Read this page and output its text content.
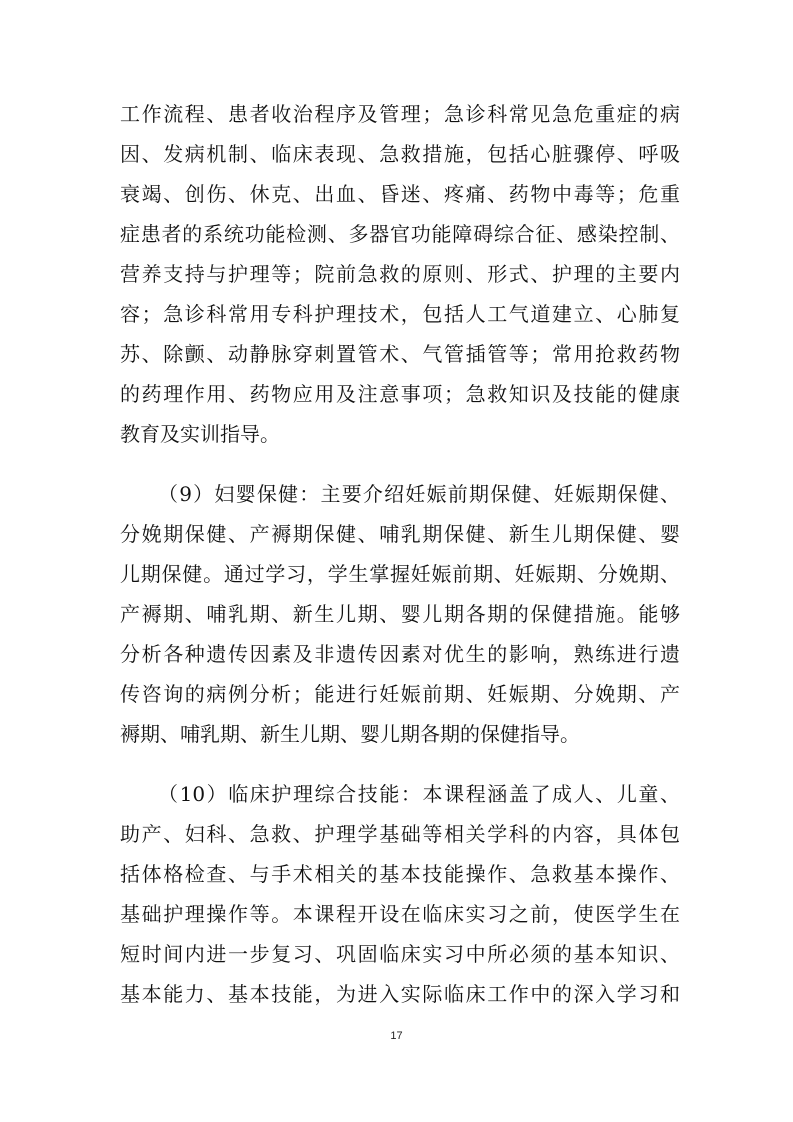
工作流程、患者收治程序及管理；急诊科常见急危重症的病
因、发病机制、临床表现、急救措施，包括心脏骤停、呼吸
衰竭、创伤、休克、出血、昏迷、疼痛、药物中毒等；危重
症患者的系统功能检测、多器官功能障碍综合征、感染控制、
营养支持与护理等；院前急救的原则、形式、护理的主要内
容；急诊科常用专科护理技术，包括人工气道建立、心肺复
苏、除颤、动静脉穿刺置管术、气管插管等；常用抢救药物
的药理作用、药物应用及注意事项；急救知识及技能的健康
教育及实训指导。
（9）妇婴保健：主要介绍妊娠前期保健、妊娠期保健、
分娩期保健、产褥期保健、哺乳期保健、新生儿期保健、婴
儿期保健。通过学习，学生掌握妊娠前期、妊娠期、分娩期、
产褥期、哺乳期、新生儿期、婴儿期各期的保健措施。能够
分析各种遗传因素及非遗传因素对优生的影响，熟练进行遗
传咨询的病例分析；能进行妊娠前期、妊娠期、分娩期、产
褥期、哺乳期、新生儿期、婴儿期各期的保健指导。
（10）临床护理综合技能：本课程涵盖了成人、儿童、
助产、妇科、急救、护理学基础等相关学科的内容，具体包
括体格检查、与手术相关的基本技能操作、急救基本操作、
基础护理操作等。本课程开设在临床实习之前，使医学生在
短时间内进一步复习、巩固临床实习中所必须的基本知识、
基本能力、基本技能，为进入实际临床工作中的深入学习和
17
